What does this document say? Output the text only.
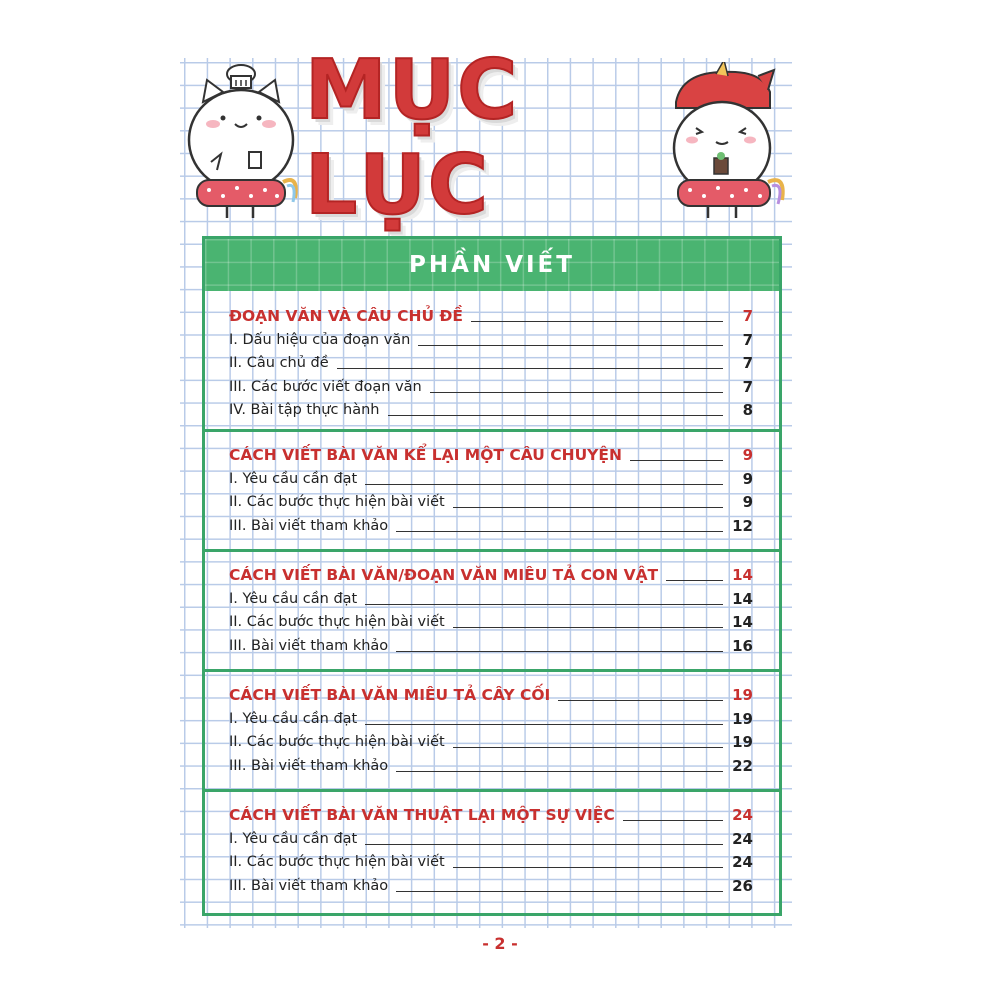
MỤC LỤC
PHẦN VIẾT
ĐOẠN VĂN VÀ CÂU CHỦ ĐỀ	7
I. Dấu hiệu của đoạn văn	7
II. Câu chủ đề	7
III. Các bước viết đoạn văn	7
IV. Bài tập thực hành	8
CÁCH VIẾT BÀI VĂN KỂ LẠI MỘT CÂU CHUYỆN	9
I. Yêu cầu cần đạt	9
II. Các bước thực hiện bài viết	9
III. Bài viết tham khảo	12
CÁCH VIẾT BÀI VĂN/ĐOẠN VĂN MIÊU TẢ CON VẬT	14
I. Yêu cầu cần đạt	14
II. Các bước thực hiện bài viết	14
III. Bài viết tham khảo	16
CÁCH VIẾT BÀI VĂN MIÊU TẢ CÂY CỐI	19
I. Yêu cầu cần đạt	19
II. Các bước thực hiện bài viết	19
III. Bài viết tham khảo	22
CÁCH VIẾT BÀI VĂN THUẬT LẠI MỘT SỰ VIỆC	24
I. Yêu cầu cần đạt	24
II. Các bước thực hiện bài viết	24
III. Bài viết tham khảo	26
- 2 -
